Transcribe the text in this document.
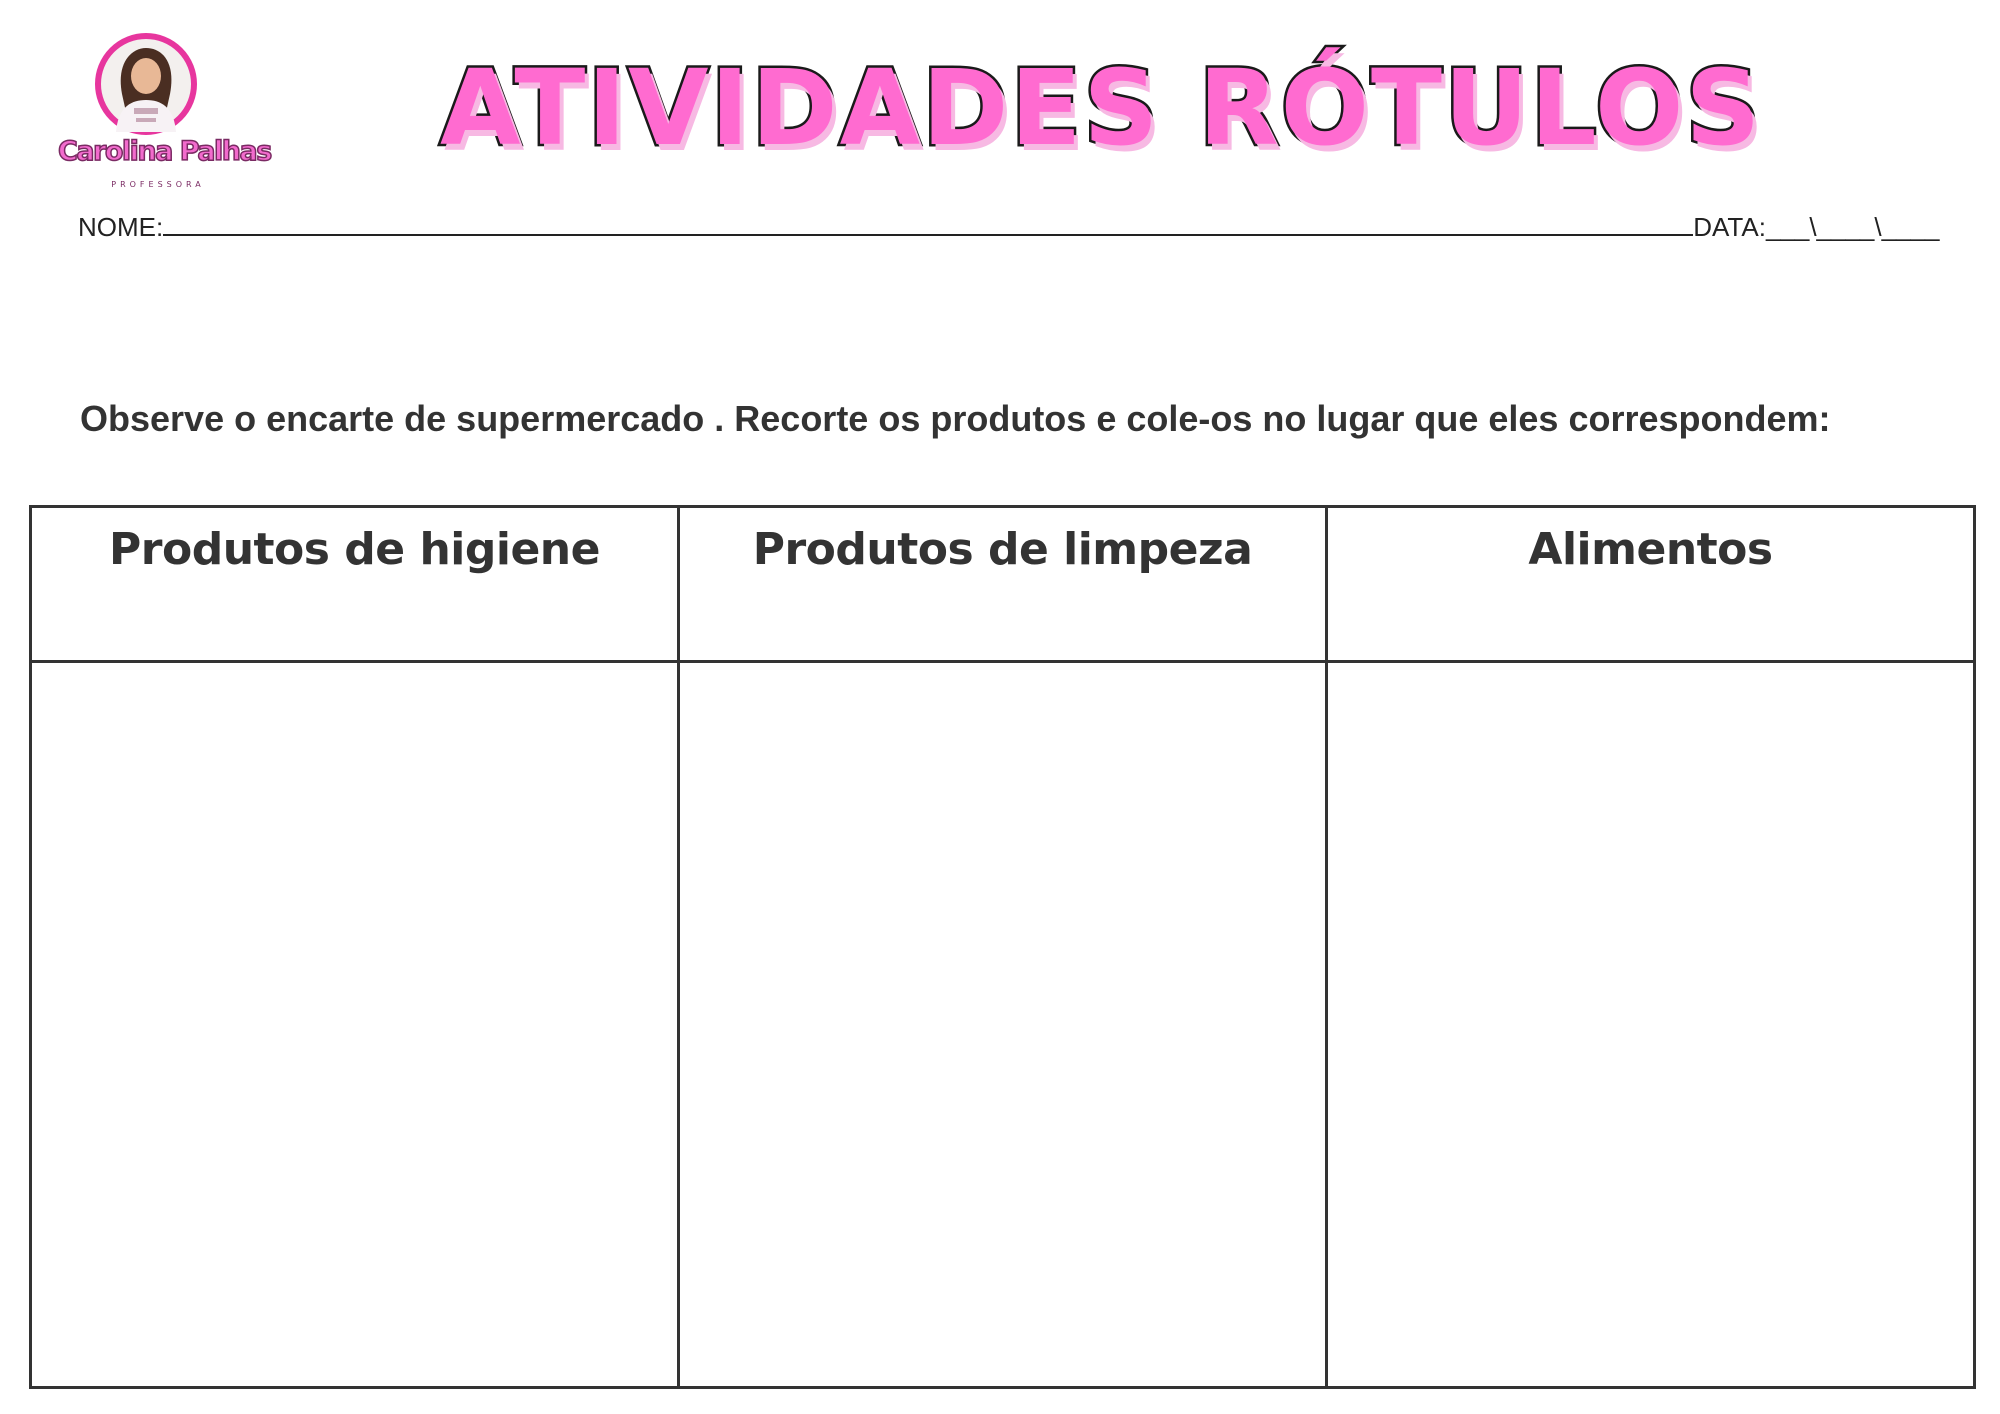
Carolina Palhas
PROFESSORA
ATIVIDADES RÓTULOS
NOME:	DATA:___\____\____
Observe o encarte de supermercado . Recorte os produtos e cole-os no lugar que eles correspondem:
Produtos de higiene	Produtos de limpeza	Alimentos
